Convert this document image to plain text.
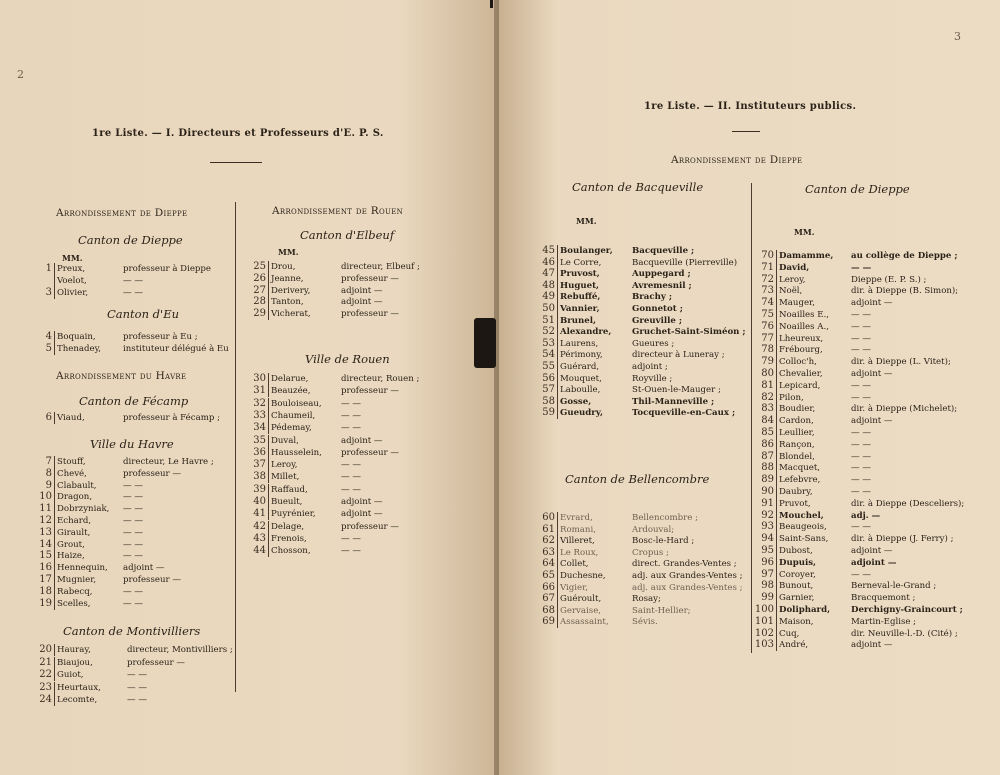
2
1re Liste. — I. Directeurs et Professeurs d'E. P. S.
Arrondissement de Dieppe
Canton de Dieppe
MM.
1 Preux,	professeur à Dieppe
Voelot,	— —
3 Olivier,	— —
Canton d'Eu
4 Boquain,	professeur à Eu ;
5 Thenadey,	instituteur délégué à Eu
Arrondissement du Havre
Canton de Fécamp
6 Viaud,	professeur à Fécamp ;
Ville du Havre
7 Stouff,	directeur, Le Havre ;
8 Chevé,	professeur —
9 Clabault,	— —
10 Dragon,	— —
11 Dobrzyniak, — —
12 Echard,	— —
13 Girault,	— —
14 Grout,	— —
15 Haize,	— —
16 Hennequin, adjoint —
17 Mugnier,	professeur —
18 Rabecq,	— —
19 Scelles,	— —
Canton de Montivilliers
20 Hauray,	directeur, Montivilliers ;
21 Biaujou,	professeur —
22 Guiot,	— —
23 Heurtaux,	— —
24 Lecomte,	— —
Arrondissement de Rouen
Canton d'Elbeuf
MM.
25 Drou,	directeur, Elbeuf ;
26 Jeanne,	professeur —
27 Derivery,	adjoint —
28 Tanton,	adjoint —
29 Vicherat,	professeur —
Ville de Rouen
30 Delarue,	directeur, Rouen ;
31 Beauzée,	professeur —
32 Bouloiseau, — —
33 Chaumeil,	— —
34 Pédemay,	— —
35 Duval,	adjoint —
36 Hausselein, professeur —
37 Leroy,	— —
38 Millet,	— —
39 Raffaud,	— —
40 Bueult,	adjoint —
41 Puyrénier,	adjoint —
42 Delage,	professeur —
43 Frenois,	— —
44 Chosson,	— —
3
1re Liste. — II. Instituteurs publics.
Arrondissement de Dieppe
Canton de Bacqueville
MM.
45 Boulanger, Bacqueville ;
46 Le Corre,	Bacqueville (Pierreville)
47 Pruvost,	Auppegard ;
48 Huguet,	Avremesnil ;
49 Rebuffé,	Brachy ;
50 Vannier,	Gonnetot ;
51 Brunel,	Greuville ;
52 Alexandre, Gruchet-Saint-Siméon ;
53 Laurens,	Gueures ;
54 Périmony,	directeur à Luneray ;
55 Guérard,	adjoint ;
56 Mouquet,	Royville ;
57 Laboulle,	St-Ouen-le-Mauger ;
58 Gosse,	Thil-Manneville ;
59 Gueudry,	Tocqueville-en-Caux ;
Canton de Bellencombre
60 Evrard,	Bellencombre ;
61 Romani,	Ardouval;
62 Villeret,	Bosc-le-Hard ;
63 Le Roux,	Cropus ;
64 Collet,	direct. Grandes-Ventes ;
65 Duchesne,	adj. aux Grandes-Ventes ;
66 Vigier,	adj. aux Grandes-Ventes ;
67 Guéroult,	Rosay;
68 Gervaise,	Saint-Hellier;
69 Assassaint,	Sévis.
Canton de Dieppe
MM.
70 Damamme, au collège de Dieppe ;
71 David,	— —
72 Leroy,	Dieppe (E. P. S.) ;
73 Noël,	dir. à Dieppe (B. Simon);
74 Mauger,	adjoint —
75 Noailles E.,	— —
76 Noailles A.,	— —
77 Lheureux,	— —
78 Frébourg,	— —
79 Colloc'h,	dir. à Dieppe (L. Vitet);
80 Chevalier,	adjoint —
81 Lepicard,	— —
82 Pilon,	— —
83 Boudier,	dir. à Dieppe (Michelet);
84 Cardon,	adjoint —
85 Leullier,	— —
86 Rançon,	— —
87 Blondel,	— —
88 Macquet,	— —
89 Lefebvre,	— —
90 Daubry,	— —
91 Pruvot,	dir. à Dieppe (Desceliers);
92 Mouchel,	adj. —
93 Beaugeois,	— —
94 Saint-Sans,	dir. à Dieppe (J. Ferry) ;
95 Dubost,	adjoint —
96 Dupuis,	adjoint —
97 Coroyer,	— —
98 Bunout,	Berneval-le-Grand ;
99 Garnier,	Bracquemont ;
100 Doliphard, Derchigny-Graincourt ;
101 Maison,	Martin-Eglise ;
102 Cuq,	dir. Neuville-l.-D. (Cité) ;
103 André,	adjoint —
